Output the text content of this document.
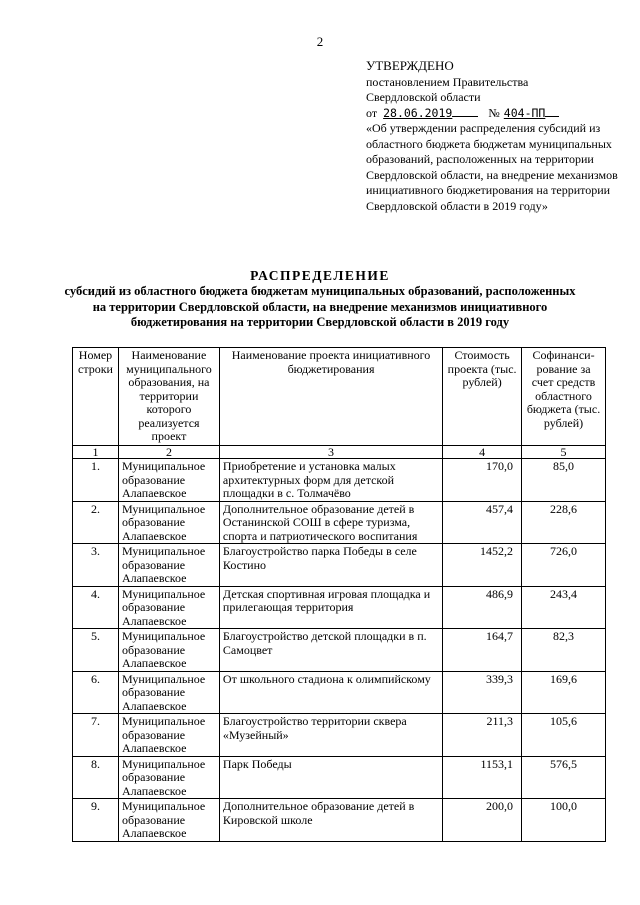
2
УТВЕРЖДЕНО
постановлением Правительства
Свердловской области
от 28.06.2019	№ 404-ПП
«Об утверждении распределения субсидий из областного бюджета бюджетам муниципальных образований, расположенных на территории Свердловской области, на внедрение механизмов инициативного бюджетирования на территории Свердловской области в 2019 году»
РАСПРЕДЕЛЕНИЕ
субсидий из областного бюджета бюджетам муниципальных образований, расположенных на территории Свердловской области, на внедрение механизмов инициативного бюджетирования на территории Свердловской области в 2019 году
Номер строки	Наименование муниципального образования, на территории которого реализуется проект	Наименование проекта инициативного бюджетирования	Стоимость проекта (тыс. рублей)	Софинанси-рование за счет средств областного бюджета (тыс. рублей)
1	2	3	4	5
1.	Муниципальное образование Алапаевское	Приобретение и установка малых архитектурных форм для детской площадки в с. Толмачёво	170,0	85,0
2.	Муниципальное образование Алапаевское	Дополнительное образование детей в Останинской СОШ в сфере туризма, спорта и патриотического воспитания	457,4	228,6
3.	Муниципальное образование Алапаевское	Благоустройство парка Победы в селе Костино	1452,2	726,0
4.	Муниципальное образование Алапаевское	Детская спортивная игровая площадка и прилегающая территория	486,9	243,4
5.	Муниципальное образование Алапаевское	Благоустройство детской площадки в п. Самоцвет	164,7	82,3
6.	Муниципальное образование Алапаевское	От школьного стадиона к олимпийскому	339,3	169,6
7.	Муниципальное образование Алапаевское	Благоустройство территории сквера «Музейный»	211,3	105,6
8.	Муниципальное образование Алапаевское	Парк Победы	1153,1	576,5
9.	Муниципальное образование Алапаевское	Дополнительное образование детей в Кировской школе	200,0	100,0
